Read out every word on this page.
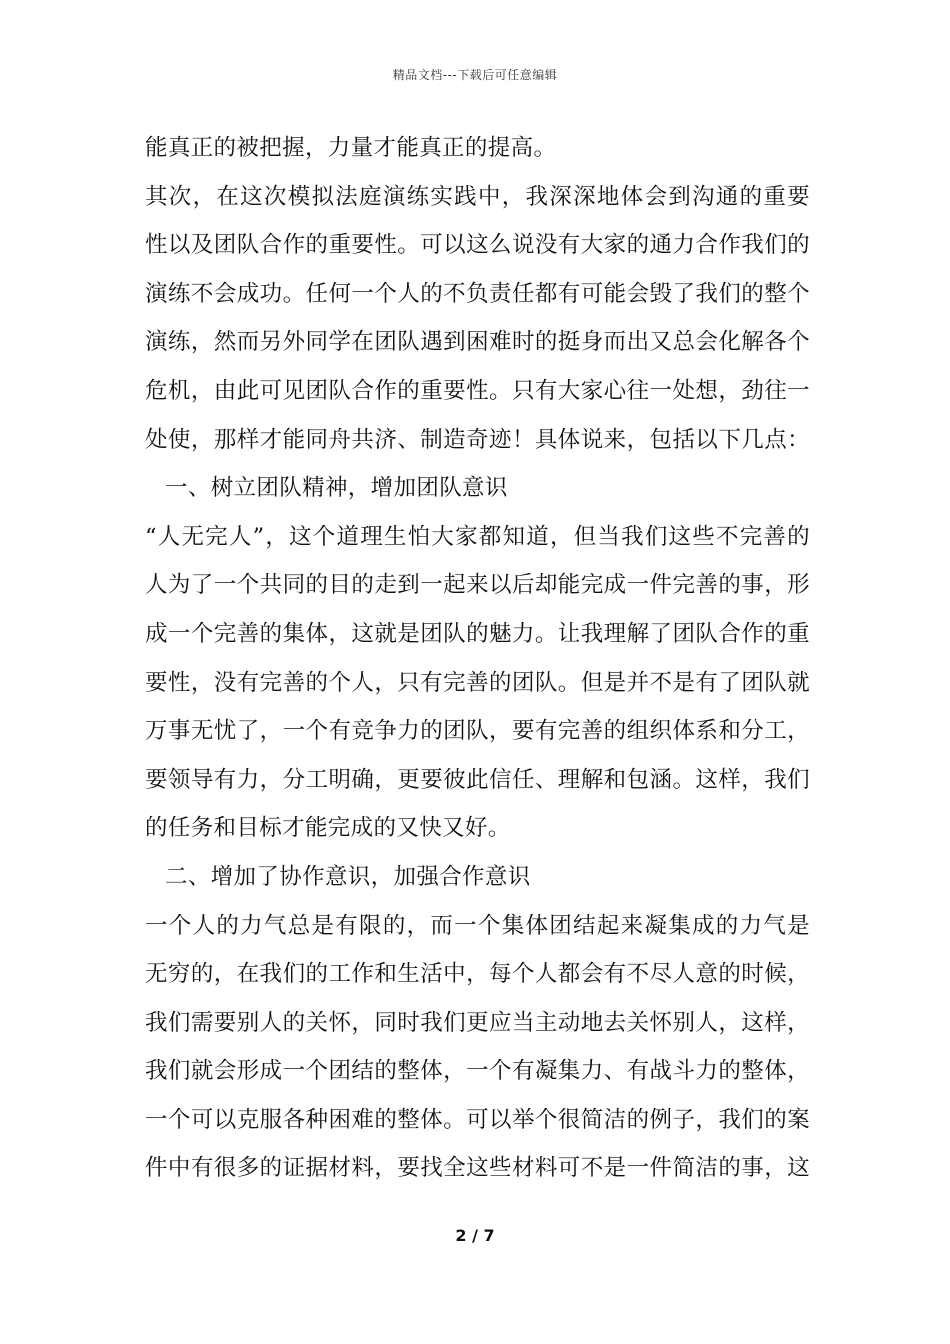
精品文档---下载后可任意编辑
能真正的被把握，力量才能真正的提高。
其次，在这次模拟法庭演练实践中，我深深地体会到沟通的重要
性以及团队合作的重要性。可以这么说没有大家的通力合作我们的
演练不会成功。任何一个人的不负责任都有可能会毁了我们的整个
演练，然而另外同学在团队遇到困难时的挺身而出又总会化解各个
危机，由此可见团队合作的重要性。只有大家心往一处想，劲往一
处使，那样才能同舟共济、制造奇迹！具体说来，包括以下几点：
一、树立团队精神，增加团队意识
“人无完人”，这个道理生怕大家都知道，但当我们这些不完善的
人为了一个共同的目的走到一起来以后却能完成一件完善的事，形
成一个完善的集体，这就是团队的魅力。让我理解了团队合作的重
要性，没有完善的个人，只有完善的团队。但是并不是有了团队就
万事无忧了，一个有竞争力的团队，要有完善的组织体系和分工，
要领导有力，分工明确，更要彼此信任、理解和包涵。这样，我们
的任务和目标才能完成的又快又好。
二、增加了协作意识，加强合作意识
一个人的力气总是有限的，而一个集体团结起来凝集成的力气是
无穷的，在我们的工作和生活中，每个人都会有不尽人意的时候，
我们需要别人的关怀，同时我们更应当主动地去关怀别人，这样，
我们就会形成一个团结的整体，一个有凝集力、有战斗力的整体，
一个可以克服各种困难的整体。可以举个很简洁的例子，我们的案
件中有很多的证据材料，要找全这些材料可不是一件简洁的事，这
2 / 7
